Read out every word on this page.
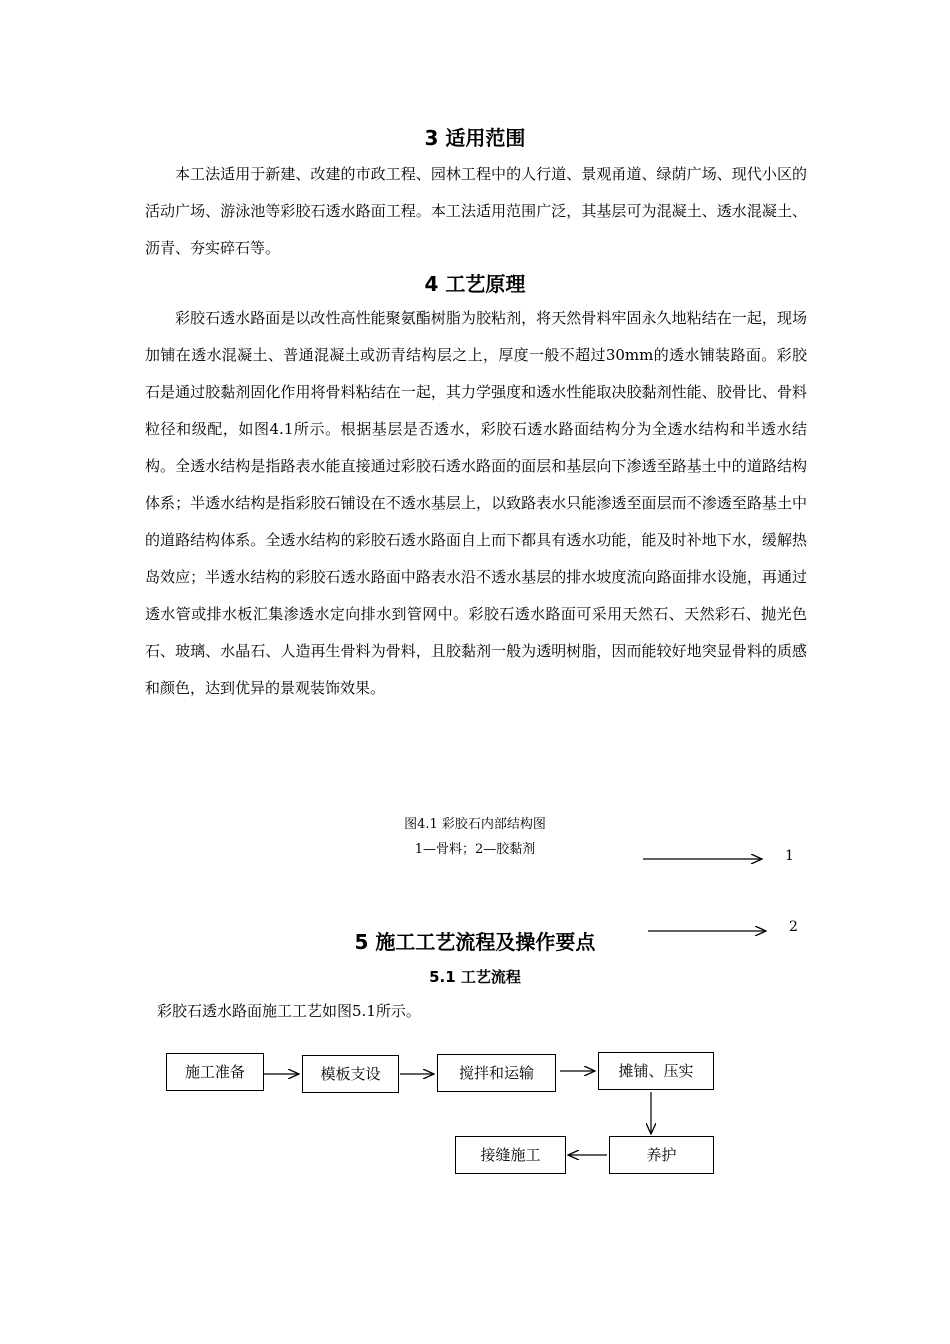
3 适用范围
本工法适用于新建、改建的市政工程、园林工程中的人行道、景观甬道、绿荫广场、现代小区的活动广场、游泳池等彩胶石透水路面工程。本工法适用范围广泛，其基层可为混凝土、透水混凝土、沥青、夯实碎石等。
4 工艺原理
彩胶石透水路面是以改性高性能聚氨酯树脂为胶粘剂，将天然骨料牢固永久地粘结在一起，现场加铺在透水混凝土、普通混凝土或沥青结构层之上，厚度一般不超过30mm的透水铺装路面。彩胶石是通过胶黏剂固化作用将骨料粘结在一起，其力学强度和透水性能取决胶黏剂性能、胶骨比、骨料粒径和级配，如图4.1所示。根据基层是否透水，彩胶石透水路面结构分为全透水结构和半透水结构。全透水结构是指路表水能直接通过彩胶石透水路面的面层和基层向下渗透至路基土中的道路结构体系；半透水结构是指彩胶石铺设在不透水基层上，以致路表水只能渗透至面层而不渗透至路基土中的道路结构体系。全透水结构的彩胶石透水路面自上而下都具有透水功能，能及时补地下水，缓解热岛效应；半透水结构的彩胶石透水路面中路表水沿不透水基层的排水坡度流向路面排水设施，再通过透水管或排水板汇集渗透水定向排水到管网中。彩胶石透水路面可采用天然石、天然彩石、抛光色石、玻璃、水晶石、人造再生骨料为骨料，且胶黏剂一般为透明树脂，因而能较好地突显骨料的质感和颜色，达到优异的景观装饰效果。
图4.1 彩胶石内部结构图
1—骨料；2—胶黏剂	1
2
5 施工工艺流程及操作要点
5.1 工艺流程
彩胶石透水路面施工工艺如图5.1所示。
施工准备	模板支设	搅拌和运输	摊铺、压实
养护
接缝施工
